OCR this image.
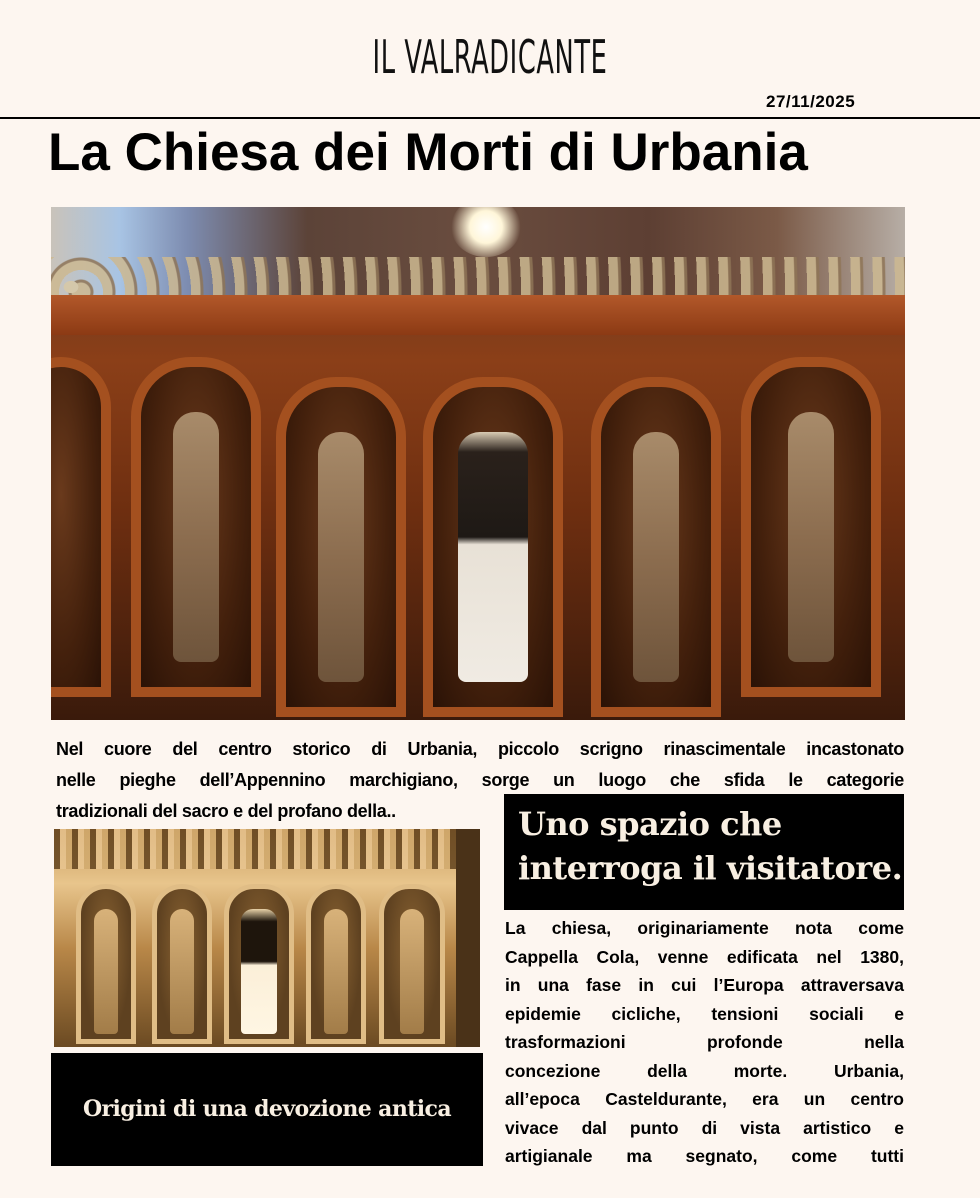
IL VALRADICANTE
27/11/2025
La Chiesa dei Morti di Urbania
Nel cuore del centro storico di Urbania, piccolo scrigno rinascimentale incastonato
nelle pieghe dell’Appennino marchigiano, sorge un luogo che sfida le categorie
tradizionali del sacro e del profano della..	Uno spazio che
interroga il visitatore.
La chiesa, originariamente nota come
Cappella Cola, venne edificata nel 1380,
in una fase in cui l’Europa attraversava
epidemie cicliche, tensioni sociali e
trasformazioni profonde nella
concezione della morte. Urbania,
all’epoca Casteldurante, era un centro
vivace dal punto di vista artistico e
artigianale ma segnato, come tutti
Origini di una devozione antica
